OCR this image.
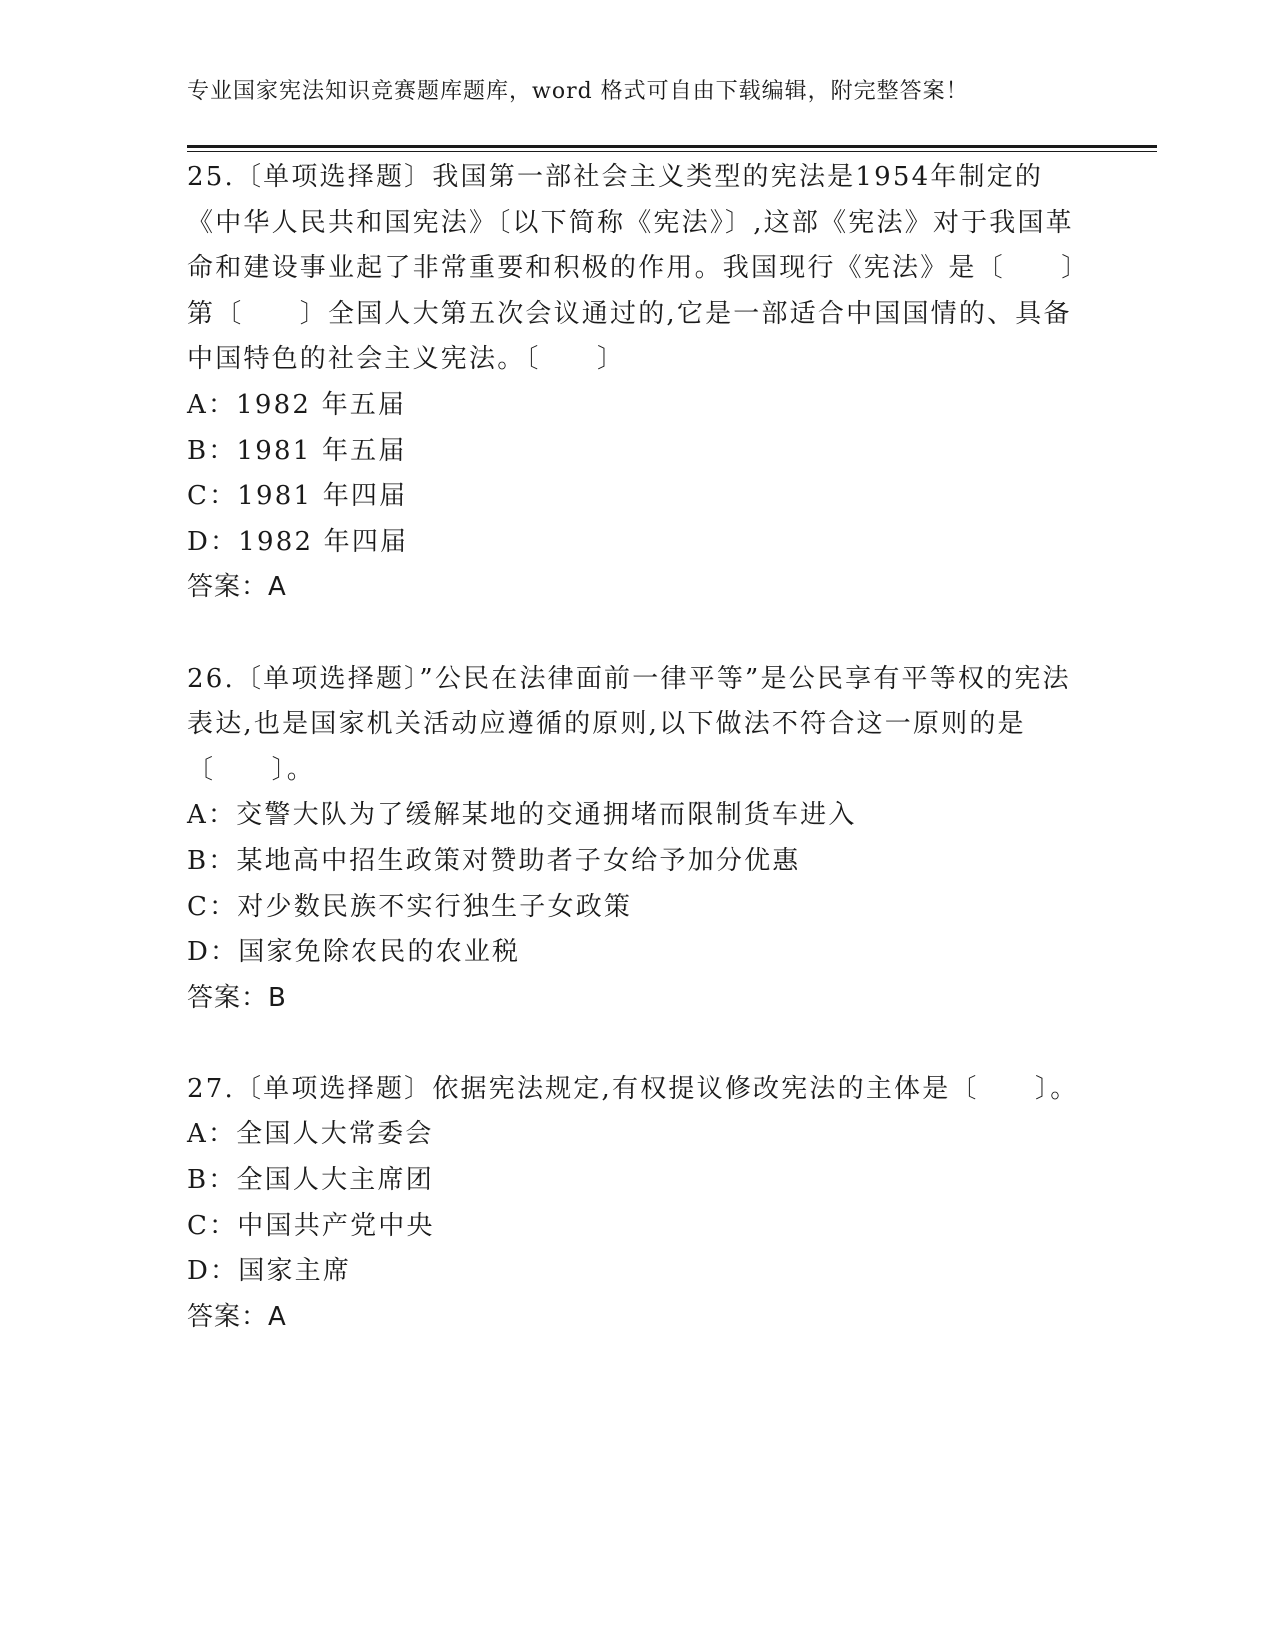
专业国家宪法知识竞赛题库题库，word 格式可自由下载编辑，附完整答案！
25.〔单项选择题〕我国第一部社会主义类型的宪法是1954年制定的《中华人民共和国宪法》〔以下简称《宪法》〕,这部《宪法》对于我国革命和建设事业起了非常重要和积极的作用。我国现行《宪法》是〔　　〕第〔　　〕全国人大第五次会议通过的,它是一部适合中国国情的、具备中国特色的社会主义宪法。〔　　〕
A：1982 年五届
B：1981 年五届
C：1981 年四届
D：1982 年四届
答案：A
26.〔单项选择题〕”公民在法律面前一律平等”是公民享有平等权的宪法表达,也是国家机关活动应遵循的原则,以下做法不符合这一原则的是〔　　〕。
A：交警大队为了缓解某地的交通拥堵而限制货车进入
B：某地高中招生政策对赞助者子女给予加分优惠
C：对少数民族不实行独生子女政策
D：国家免除农民的农业税
答案：B
27.〔单项选择题〕依据宪法规定,有权提议修改宪法的主体是〔　　〕。
A：全国人大常委会
B：全国人大主席团
C：中国共产党中央
D：国家主席
答案：A
